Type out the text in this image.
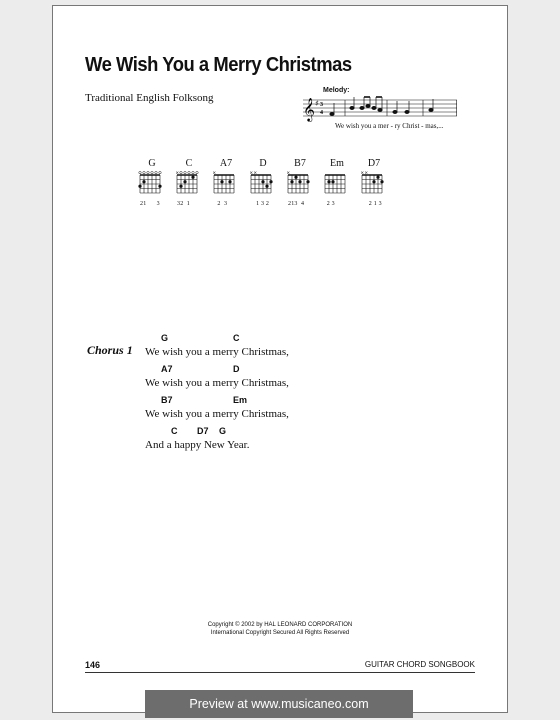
We Wish You a Merry Christmas
Traditional English Folksong
Melody:
𝄞 ♯ 3
4
We wish you a mer - ry Christ - mas,...
G
21      3
C
×
32  1
A7
×
2  3
D
× ×
1 3 2
B7
×
213  4
Em
2 3
D7
× ×
2 1 3
Chorus 1
G	C
We wish you a merry Christmas,
A7	D
We wish you a merry Christmas,
B7	Em
We wish you a merry Christmas,
C D7 G
And a happy New Year.
Copyright © 2002 by HAL LEONARD CORPORATION
International Copyright Secured All Rights Reserved
146	GUITAR CHORD SONGBOOK
Preview at www.musicaneo.com
